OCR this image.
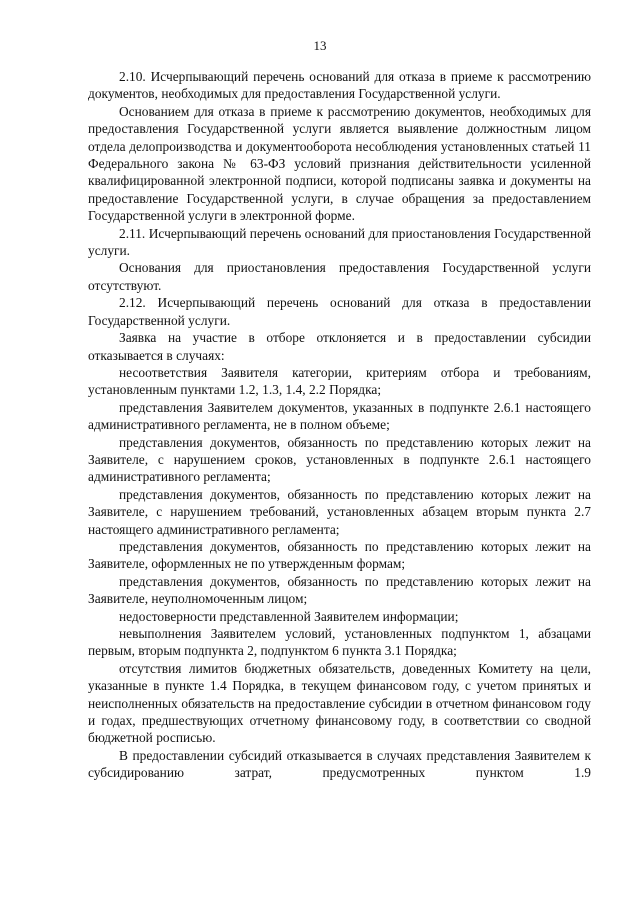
13

2.10. Исчерпывающий перечень оснований для отказа в приеме к рассмотрению документов, необходимых для предоставления Государственной услуги.

Основанием для отказа в приеме к рассмотрению документов, необходимых для предоставления Государственной услуги является выявление должностным лицом отдела делопроизводства и документооборота несоблюдения установленных статьей 11 Федерального закона № 63-ФЗ условий признания действительности усиленной квалифицированной электронной подписи, которой подписаны заявка и документы на предоставление Государственной услуги, в случае обращения за предоставлением Государственной услуги в электронной форме.

2.11. Исчерпывающий перечень оснований для приостановления Государственной услуги.

Основания для приостановления предоставления Государственной услуги отсутствуют.

2.12. Исчерпывающий перечень оснований для отказа в предоставлении Государственной услуги.

Заявка на участие в отборе отклоняется и в предоставлении субсидии отказывается в случаях:

несоответствия Заявителя категории, критериям отбора и требованиям, установленным пунктами 1.2, 1.3, 1.4, 2.2 Порядка;

представления Заявителем документов, указанных в подпункте 2.6.1 настоящего административного регламента, не в полном объеме;

представления документов, обязанность по представлению которых лежит на Заявителе, с нарушением сроков, установленных в подпункте 2.6.1 настоящего административного регламента;

представления документов, обязанность по представлению которых лежит на Заявителе, с нарушением требований, установленных абзацем вторым пункта 2.7 настоящего административного регламента;

представления документов, обязанность по представлению которых лежит на Заявителе, оформленных не по утвержденным формам;

представления документов, обязанность по представлению которых лежит на Заявителе, неуполномоченным лицом;

недостоверности представленной Заявителем информации;

невыполнения Заявителем условий, установленных подпунктом 1, абзацами первым, вторым подпункта 2, подпунктом 6 пункта 3.1 Порядка;

отсутствия лимитов бюджетных обязательств, доведенных Комитету на цели, указанные в пункте 1.4 Порядка, в текущем финансовом году, с учетом принятых и неисполненных обязательств на предоставление субсидии в отчетном финансовом году и годах, предшествующих отчетному финансовому году, в соответствии со сводной бюджетной росписью.

В предоставлении субсидий отказывается в случаях представления Заявителем к субсидированию затрат, предусмотренных пунктом 1.9
